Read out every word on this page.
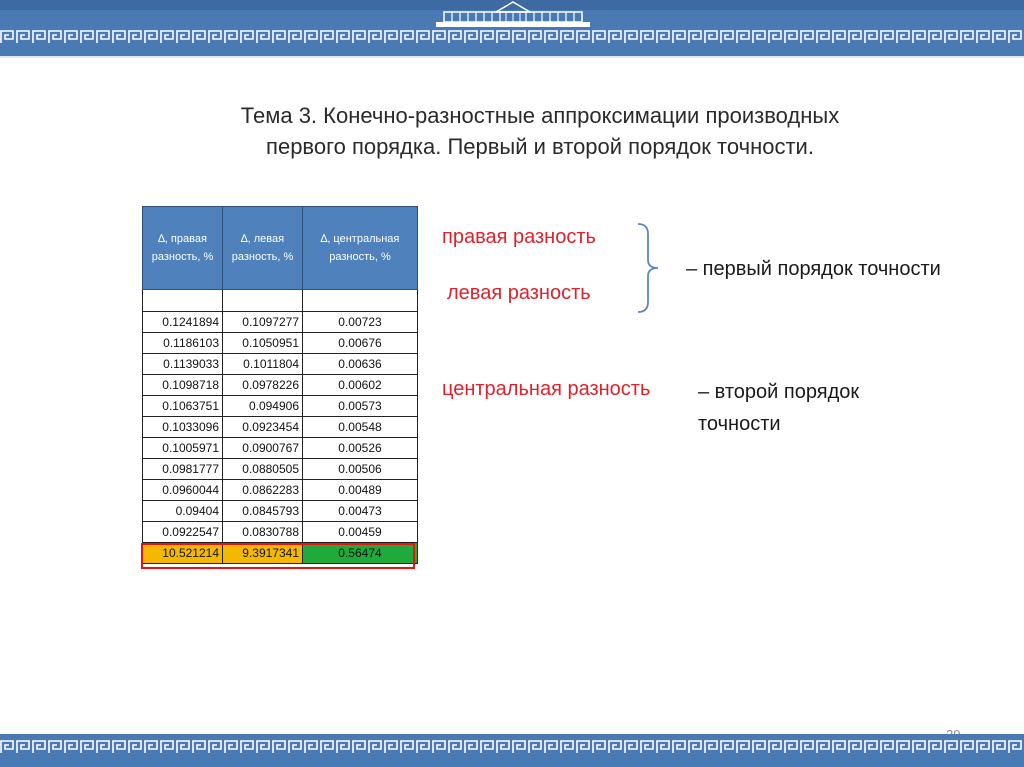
Тема 3. Конечно-разностные аппроксимации производных
первого порядка. Первый и второй порядок точности.
∆, правая разность, %	∆, левая разность, %	∆, центральная разность, %

0.1241894	0.1097277	0.00723
0.1186103	0.1050951	0.00676
0.1139033	0.1011804	0.00636
0.1098718	0.0978226	0.00602
0.1063751	0.094906	0.00573
0.1033096	0.0923454	0.00548
0.1005971	0.0900767	0.00526
0.0981777	0.0880505	0.00506
0.0960044	0.0862283	0.00489
0.09404	0.0845793	0.00473
0.0922547	0.0830788	0.00459
10.521214	9.3917341	0.56474
правая разность
левая разность
– первый порядок точности
центральная разность – второй порядок
точности
